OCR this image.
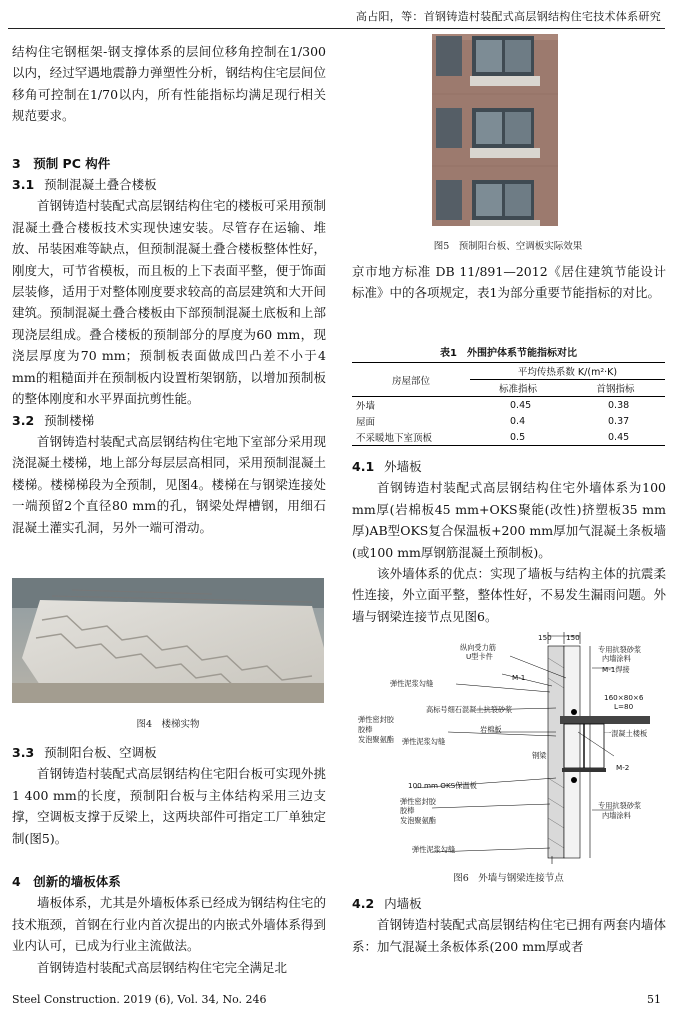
高占阳，等：首钢铸造村装配式高层钢结构住宅技术体系研究

结构住宅钢框架-钢支撑体系的层间位移角控制在1/300以内，经过罕遇地震静力弹塑性分析，钢结构住宅层间位移角可控制在1/70以内，所有性能指标均满足现行相关规范要求。

3　预制 PC 构件
3.1 预制混凝土叠合楼板

首钢铸造村装配式高层钢结构住宅的楼板可采用预制混凝土叠合楼板技术实现快速安装。尽管存在运输、堆放、吊装困难等缺点，但预制混凝土叠合楼板整体性好，刚度大，可节省模板，而且板的上下表面平整，便于饰面层装修，适用于对整体刚度要求较高的高层建筑和大开间建筑。预制混凝土叠合楼板由下部预制混凝土底板和上部现浇层组成。叠合楼板的预制部分的厚度为60 mm，现浇层厚度为70 mm；预制板表面做成凹凸差不小于4 mm的粗糙面并在预制板内设置桁架钢筋，以增加预制板的整体刚度和水平界面抗剪性能。

3.2 预制楼梯

首钢铸造村装配式高层钢结构住宅地下室部分采用现浇混凝土楼梯，地上部分每层层高相同，采用预制混凝土楼梯。楼梯梯段为全预制，见图4。楼梯在与钢梁连接处一端预留2个直径80 mm的孔，钢梁处焊槽钢，用细石混凝土灌实孔洞，另外一端可滑动。

图4　楼梯实物
3.3 预制阳台板、空调板

首钢铸造村装配式高层钢结构住宅阳台板可实现外挑1 400 mm的长度，预制阳台板与主体结构采用三边支撑，空调板支撑于反梁上，这两块部件可指定工厂单独定制(图5)。

4　创新的墙板体系

墙板体系，尤其是外墙板体系已经成为钢结构住宅的技术瓶颈，首钢在行业内首次提出的内嵌式外墙体系得到业内认可，已成为行业主流做法。

首钢铸造村装配式高层钢结构住宅完全满足北

图5　预制阳台板、空调板实际效果

京市地方标准 DB 11/891—2012《居住建筑节能设计标准》中的各项规定，表1为部分重要节能指标的对比。

表1　外围护体系节能指标对比
房屋部位	平均传热系数 K/(m²·K)	
	标准指标	首钢指标
外墙	0.45	0.38
屋面	0.4	0.37
不采暖地下室顶板	0.5	0.45
4.1 外墙板

首钢铸造村装配式高层钢结构住宅外墙体系为100 mm厚(岩棉板45 mm+OKS聚能(改性)挤塑板35 mm厚)AB型OKS复合保温板+200 mm厚加气混凝土条板墙(或100 mm厚钢筋混凝土预制板)。

该外墙体系的优点：实现了墙板与结构主体的抗震柔性连接，外立面平整，整体性好，不易发生漏雨问题。外墙与钢梁连接节点见图6。

150 150
纵向受力筋
U型卡件
专用抗裂砂浆
内墙涂料
M-1
M-1焊接
弹性泥浆勾缝
高标号细石混凝土抗裂砂浆
160×80×6
L=80
弹性密封胶
胶棒
发泡聚氨酯 弹性泥浆勾缝
岩棉板	一混凝土楼板
钢梁
M-2
100 mm OKS保温板
弹性密封胶
胶棒
发泡聚氨酯
专用抗裂砂浆
内墙涂料
弹性泥浆勾缝
图6　外墙与钢梁连接节点
4.2 内墙板

首钢铸造村装配式高层钢结构住宅已拥有两套内墙体系：加气混凝土条板体系(200 mm厚或者

Steel Construction. 2019 (6), Vol. 34, No. 246	51
